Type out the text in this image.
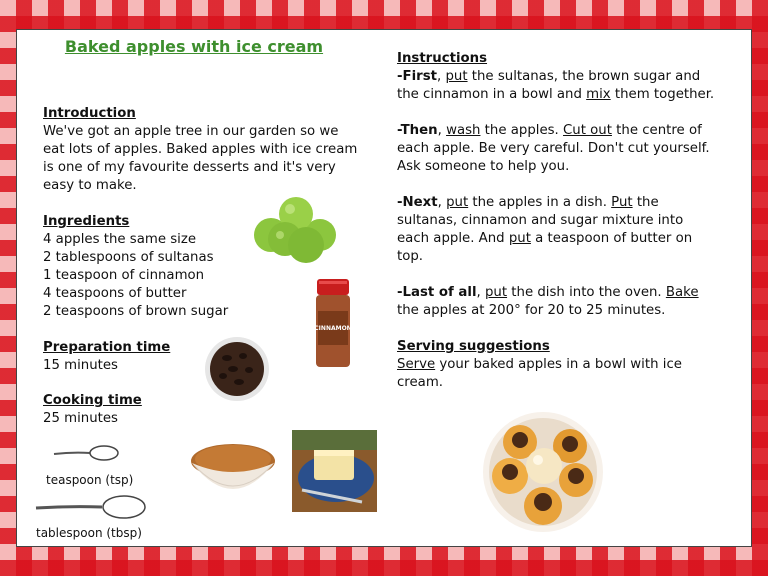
Baked apples with ice cream
Introduction
We've got an apple tree in our garden so we eat lots of apples. Baked apples with ice cream is one of my favourite desserts and it's very easy to make.
Ingredients
4 apples the same size
2 tablespoons of sultanas
1 teaspoon of cinnamon
4 teaspoons of butter
2 teaspoons of brown sugar
Preparation time
15 minutes
Cooking time
25 minutes
CINNAMON
teaspoon (tsp)
tablespoon (tbsp)
Instructions
-First, put the sultanas, the brown sugar and the cinnamon in a bowl and mix them together.
-Then, wash the apples. Cut out the centre of each apple. Be very careful. Don't cut yourself. Ask someone to help you.
-Next, put the apples in a dish. Put the sultanas, cinnamon and sugar mixture into each apple. And put a teaspoon of butter on top.
-Last of all, put the dish into the oven. Bake the apples at 200° for 20 to 25 minutes.
Serving suggestions
Serve your baked apples in a bowl with ice cream.
